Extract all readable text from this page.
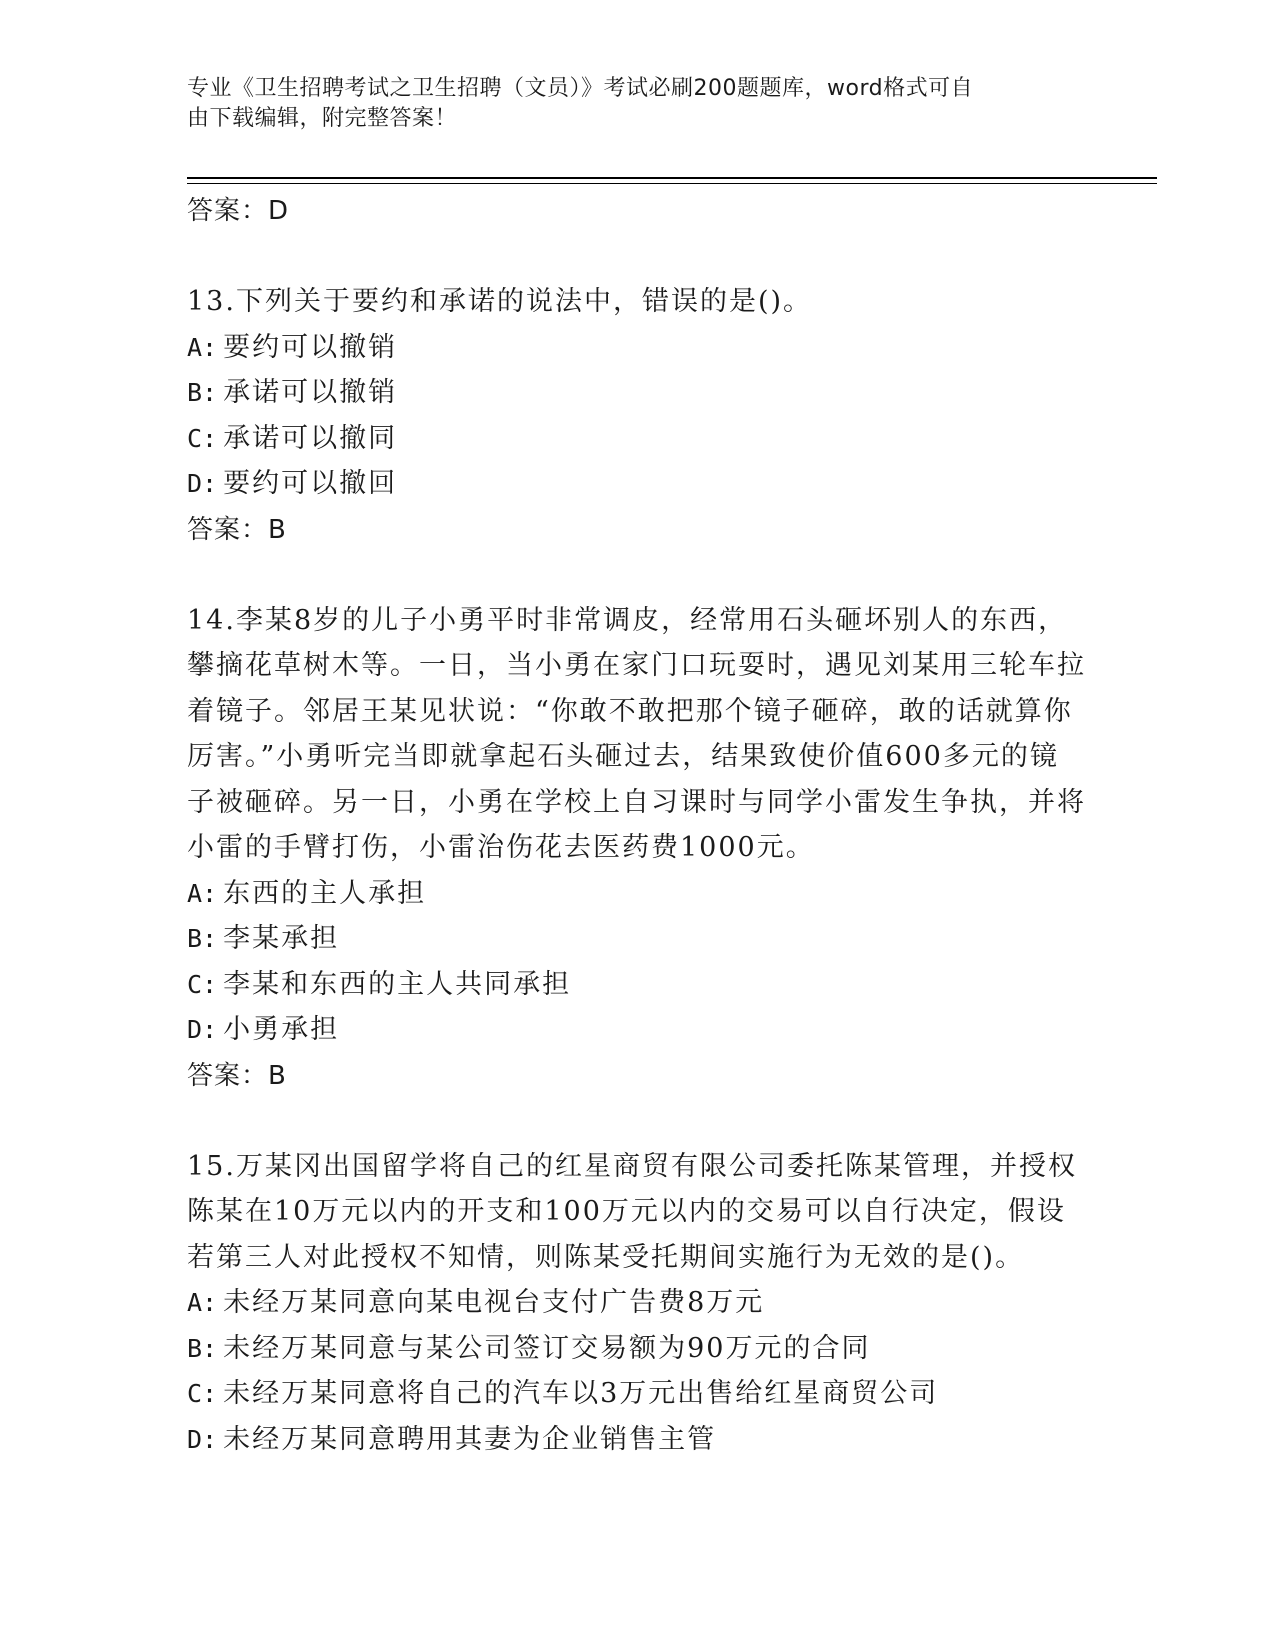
专业《卫生招聘考试之卫生招聘（文员）》考试必刷200题题库，word格式可自
由下载编辑，附完整答案！
答案：D
13.下列关于要约和承诺的说法中，错误的是()。
A: 要约可以撤销
B: 承诺可以撤销
C: 承诺可以撤同
D: 要约可以撤回
答案：B
14.李某8岁的儿子小勇平时非常调皮，经常用石头砸坏别人的东西，攀摘花草树木等。一日，当小勇在家门口玩耍时，遇见刘某用三轮车拉着镜子。邻居王某见状说：“你敢不敢把那个镜子砸碎，敢的话就算你厉害。”小勇听完当即就拿起石头砸过去，结果致使价值600多元的镜子被砸碎。另一日，小勇在学校上自习课时与同学小雷发生争执，并将小雷的手臂打伤，小雷治伤花去医药费1000元。
A: 东西的主人承担
B: 李某承担
C: 李某和东西的主人共同承担
D: 小勇承担
答案：B
15.万某冈出国留学将自己的红星商贸有限公司委托陈某管理，并授权陈某在10万元以内的开支和100万元以内的交易可以自行决定，假设若第三人对此授权不知情，则陈某受托期间实施行为无效的是()。
A: 未经万某同意向某电视台支付广告费8万元
B: 未经万某同意与某公司签订交易额为90万元的合同
C: 未经万某同意将自己的汽车以3万元出售给红星商贸公司
D: 未经万某同意聘用其妻为企业销售主管
